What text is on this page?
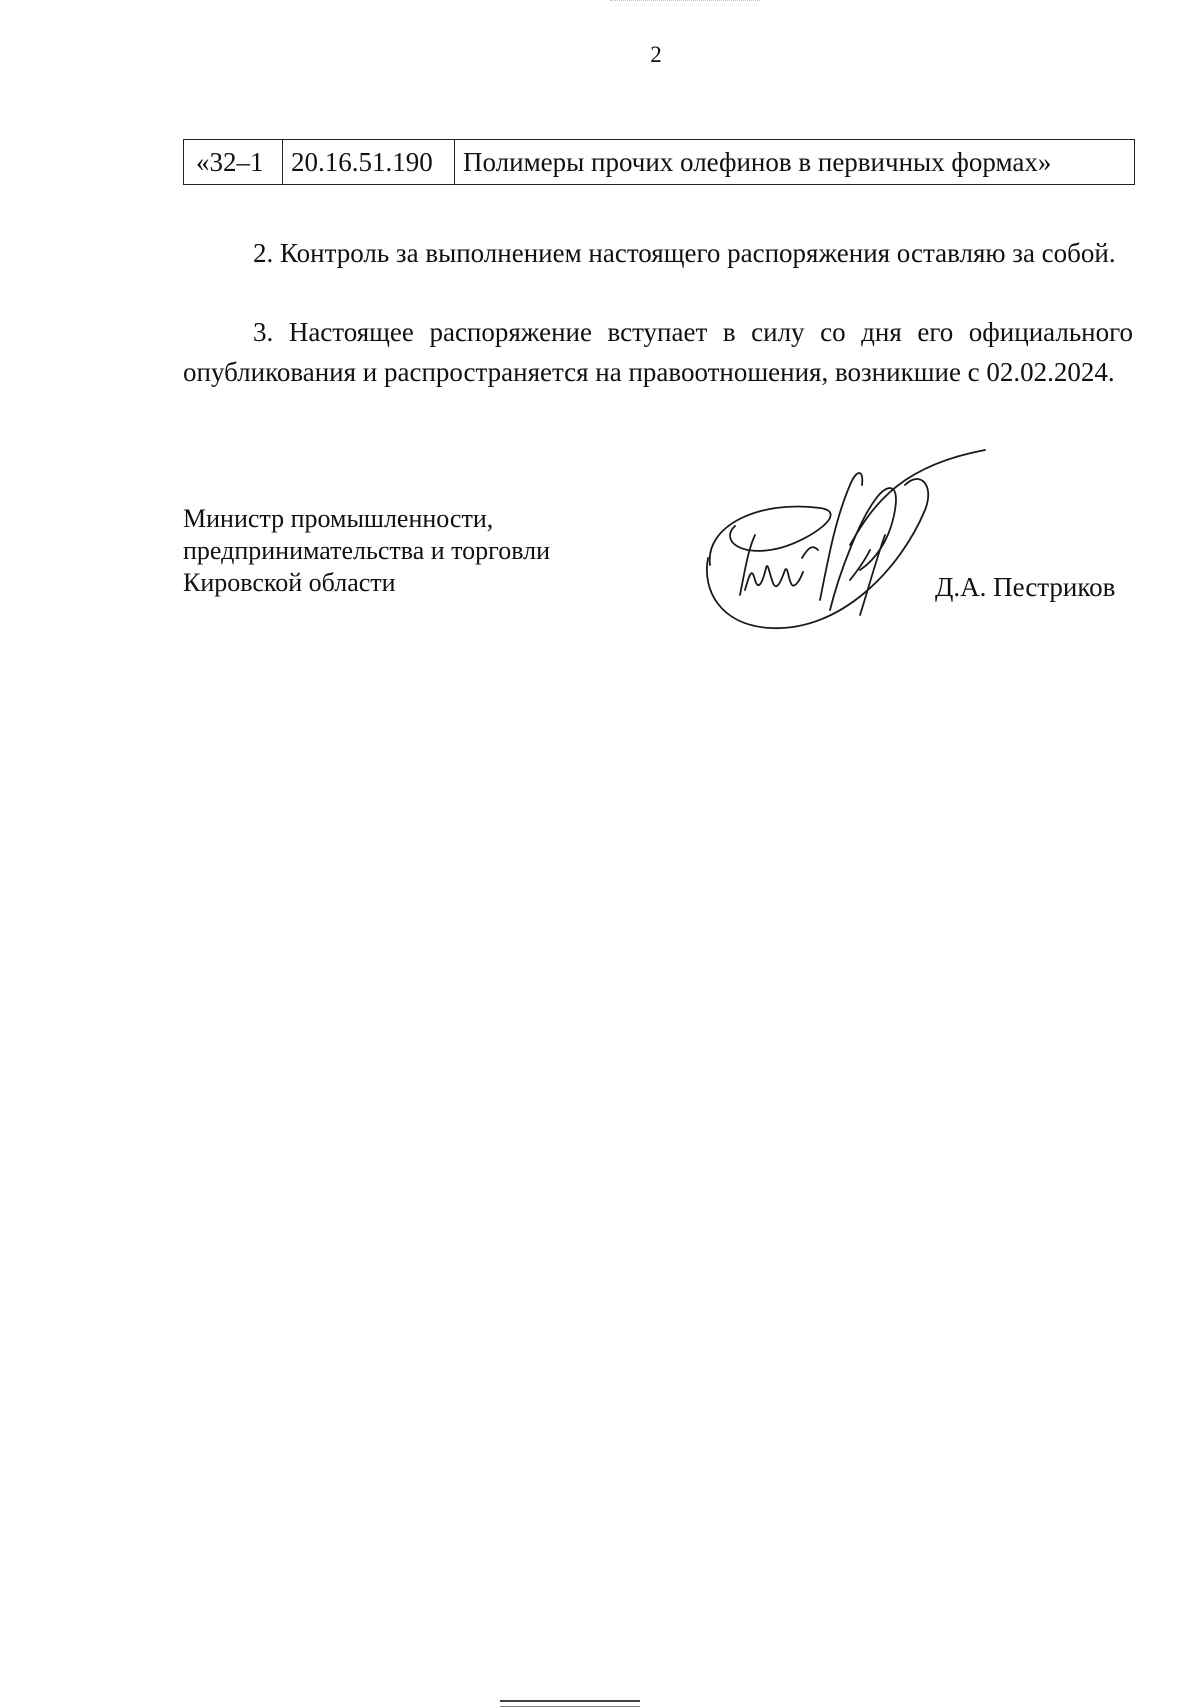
2
«32–1	20.16.51.190	Полимеры прочих олефинов в первичных формах»

2. Контроль за выполнением настоящего распоряжения оставляю за собой.

3. Настоящее распоряжение вступает в силу со дня его официального опубликования и распространяется на правоотношения, возникшие с 02.02.2024.

Министр промышленности,
предпринимательства и торговли
Кировской области	Д.А. Пестриков
